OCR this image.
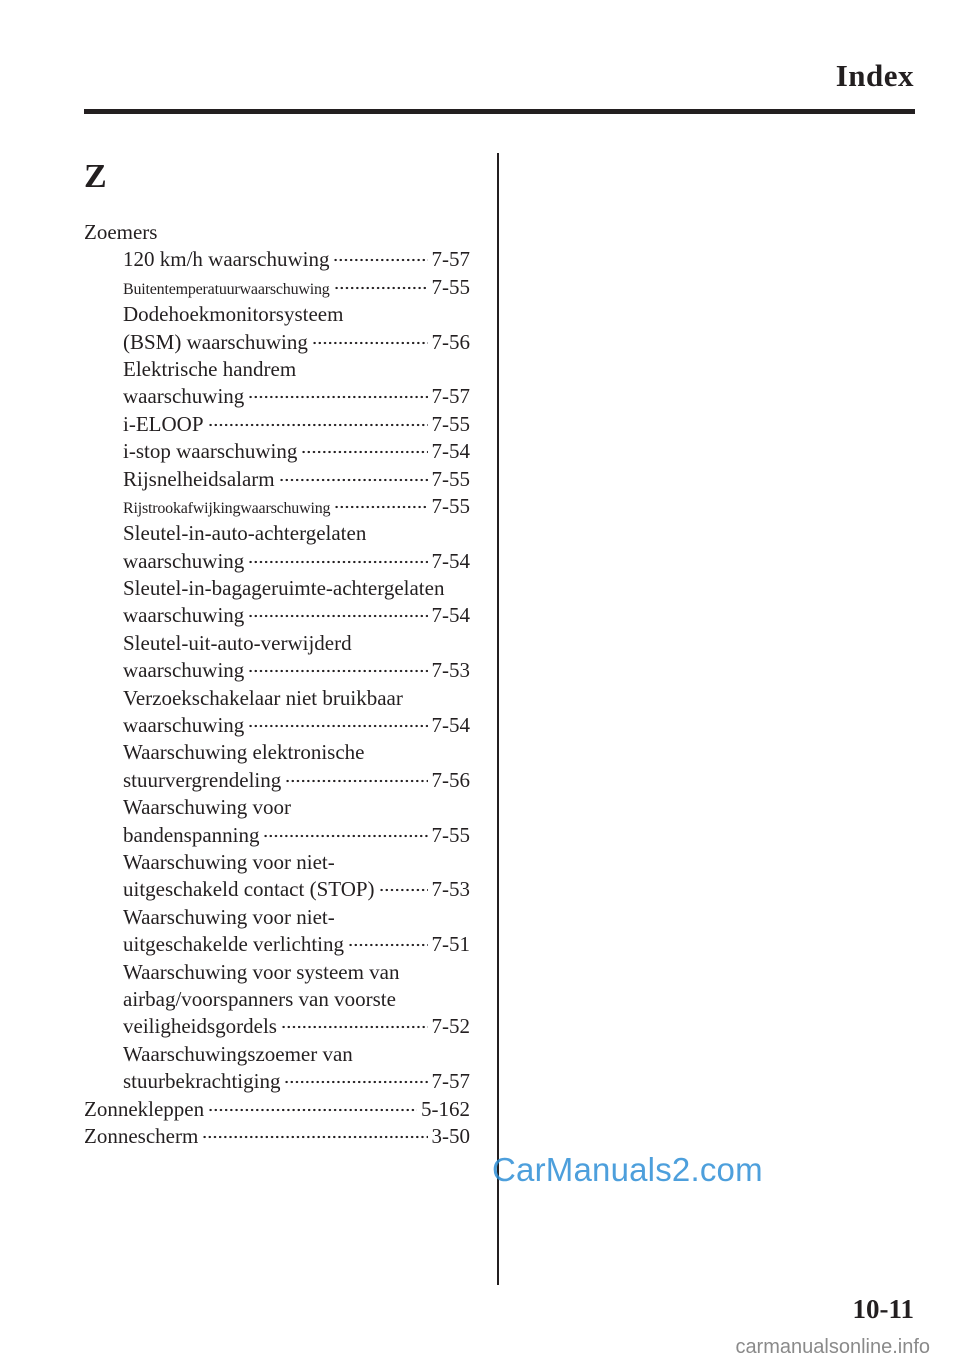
Index
Z
Zoemers
120 km/h waarschuwing	7-57
Buitentemperatuurwaarschuwing	7-55
Dodehoekmonitorsysteem
(BSM) waarschuwing	7-56
Elektrische handrem
waarschuwing	7-57
i-ELOOP	7-55
i-stop waarschuwing	7-54
Rijsnelheidsalarm	7-55
Rijstrookafwijkingwaarschuwing	7-55
Sleutel-in-auto-achtergelaten
waarschuwing	7-54
Sleutel-in-bagageruimte-achtergelaten
waarschuwing	7-54
Sleutel-uit-auto-verwijderd
waarschuwing	7-53
Verzoekschakelaar niet bruikbaar
waarschuwing	7-54
Waarschuwing elektronische
stuurvergrendeling	7-56
Waarschuwing voor
bandenspanning	7-55
Waarschuwing voor niet-
uitgeschakeld contact (STOP)	7-53
Waarschuwing voor niet-
uitgeschakelde verlichting	7-51
Waarschuwing voor systeem van
airbag/voorspanners van voorste
veiligheidsgordels	7-52
Waarschuwingszoemer van
stuurbekrachtiging	7-57
Zonnekleppen	5-162
Zonnescherm	3-50
CarManuals2.com
10-11
carmanualsonline.info
